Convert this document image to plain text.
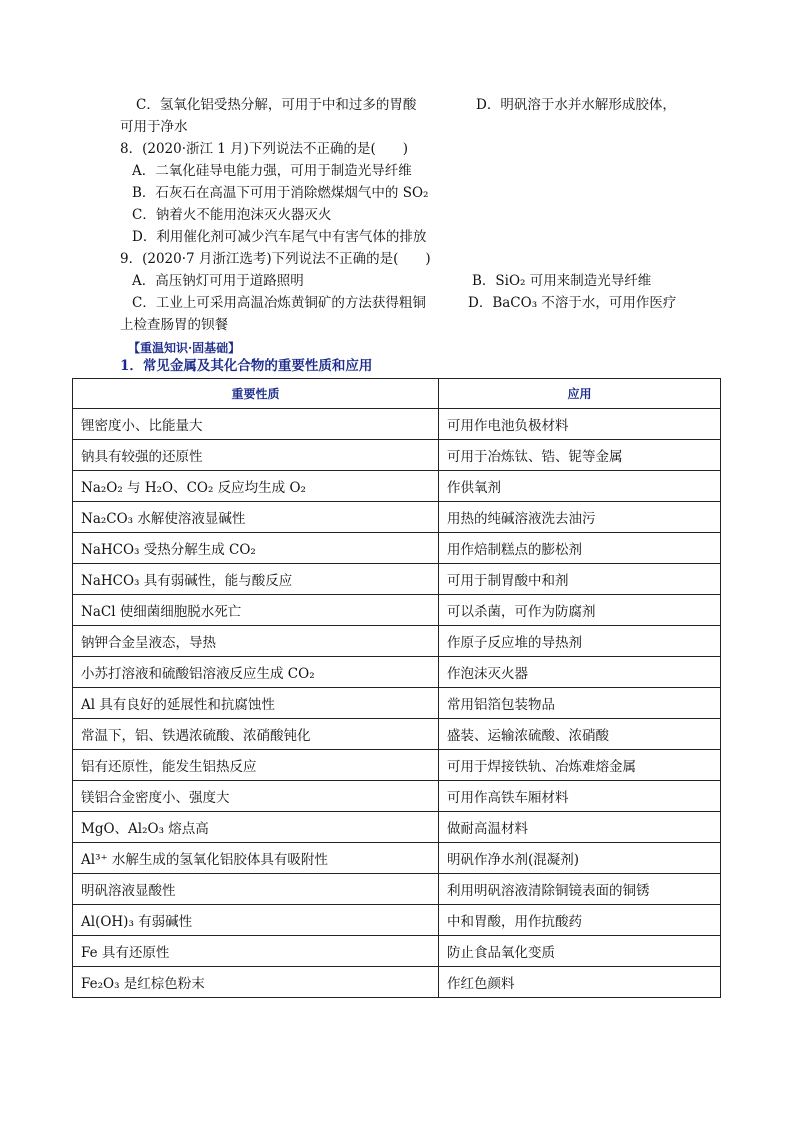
C．氢氧化铝受热分解，可用于中和过多的胃酸	D．明矾溶于水并水解形成胶体，
可用于净水
8．(2020·浙江 1 月)下列说法不正确的是(　　)
A．二氧化硅导电能力强，可用于制造光导纤维
B．石灰石在高温下可用于消除燃煤烟气中的 SO₂
C．钠着火不能用泡沫灭火器灭火
D．利用催化剂可减少汽车尾气中有害气体的排放
9．(2020·7 月浙江选考)下列说法不正确的是(　　)
A．高压钠灯可用于道路照明	B．SiO₂ 可用来制造光导纤维
C．工业上可采用高温冶炼黄铜矿的方法获得粗铜	D．BaCO₃ 不溶于水，可用作医疗
上检查肠胃的钡餐
【重温知识·固基础】
1．常见金属及其化合物的重要性质和应用
重要性质	应用
锂密度小、比能量大	可用作电池负极材料
钠具有较强的还原性	可用于冶炼钛、锆、铌等金属
Na₂O₂ 与 H₂O、CO₂ 反应均生成 O₂	作供氧剂
Na₂CO₃ 水解使溶液显碱性	用热的纯碱溶液洗去油污
NaHCO₃ 受热分解生成 CO₂	用作焙制糕点的膨松剂
NaHCO₃ 具有弱碱性，能与酸反应	可用于制胃酸中和剂
NaCl 使细菌细胞脱水死亡	可以杀菌，可作为防腐剂
钠钾合金呈液态，导热	作原子反应堆的导热剂
小苏打溶液和硫酸铝溶液反应生成 CO₂	作泡沫灭火器
Al 具有良好的延展性和抗腐蚀性	常用铝箔包装物品
常温下，铝、铁遇浓硫酸、浓硝酸钝化	盛装、运输浓硫酸、浓硝酸
铝有还原性，能发生铝热反应	可用于焊接铁轨、冶炼难熔金属
镁铝合金密度小、强度大	可用作高铁车厢材料
MgO、Al₂O₃ 熔点高	做耐高温材料
Al³⁺ 水解生成的氢氧化铝胶体具有吸附性	明矾作净水剂(混凝剂)
明矾溶液显酸性	利用明矾溶液清除铜镜表面的铜锈
Al(OH)₃ 有弱碱性	中和胃酸，用作抗酸药
Fe 具有还原性	防止食品氧化变质
Fe₂O₃ 是红棕色粉末	作红色颜料
